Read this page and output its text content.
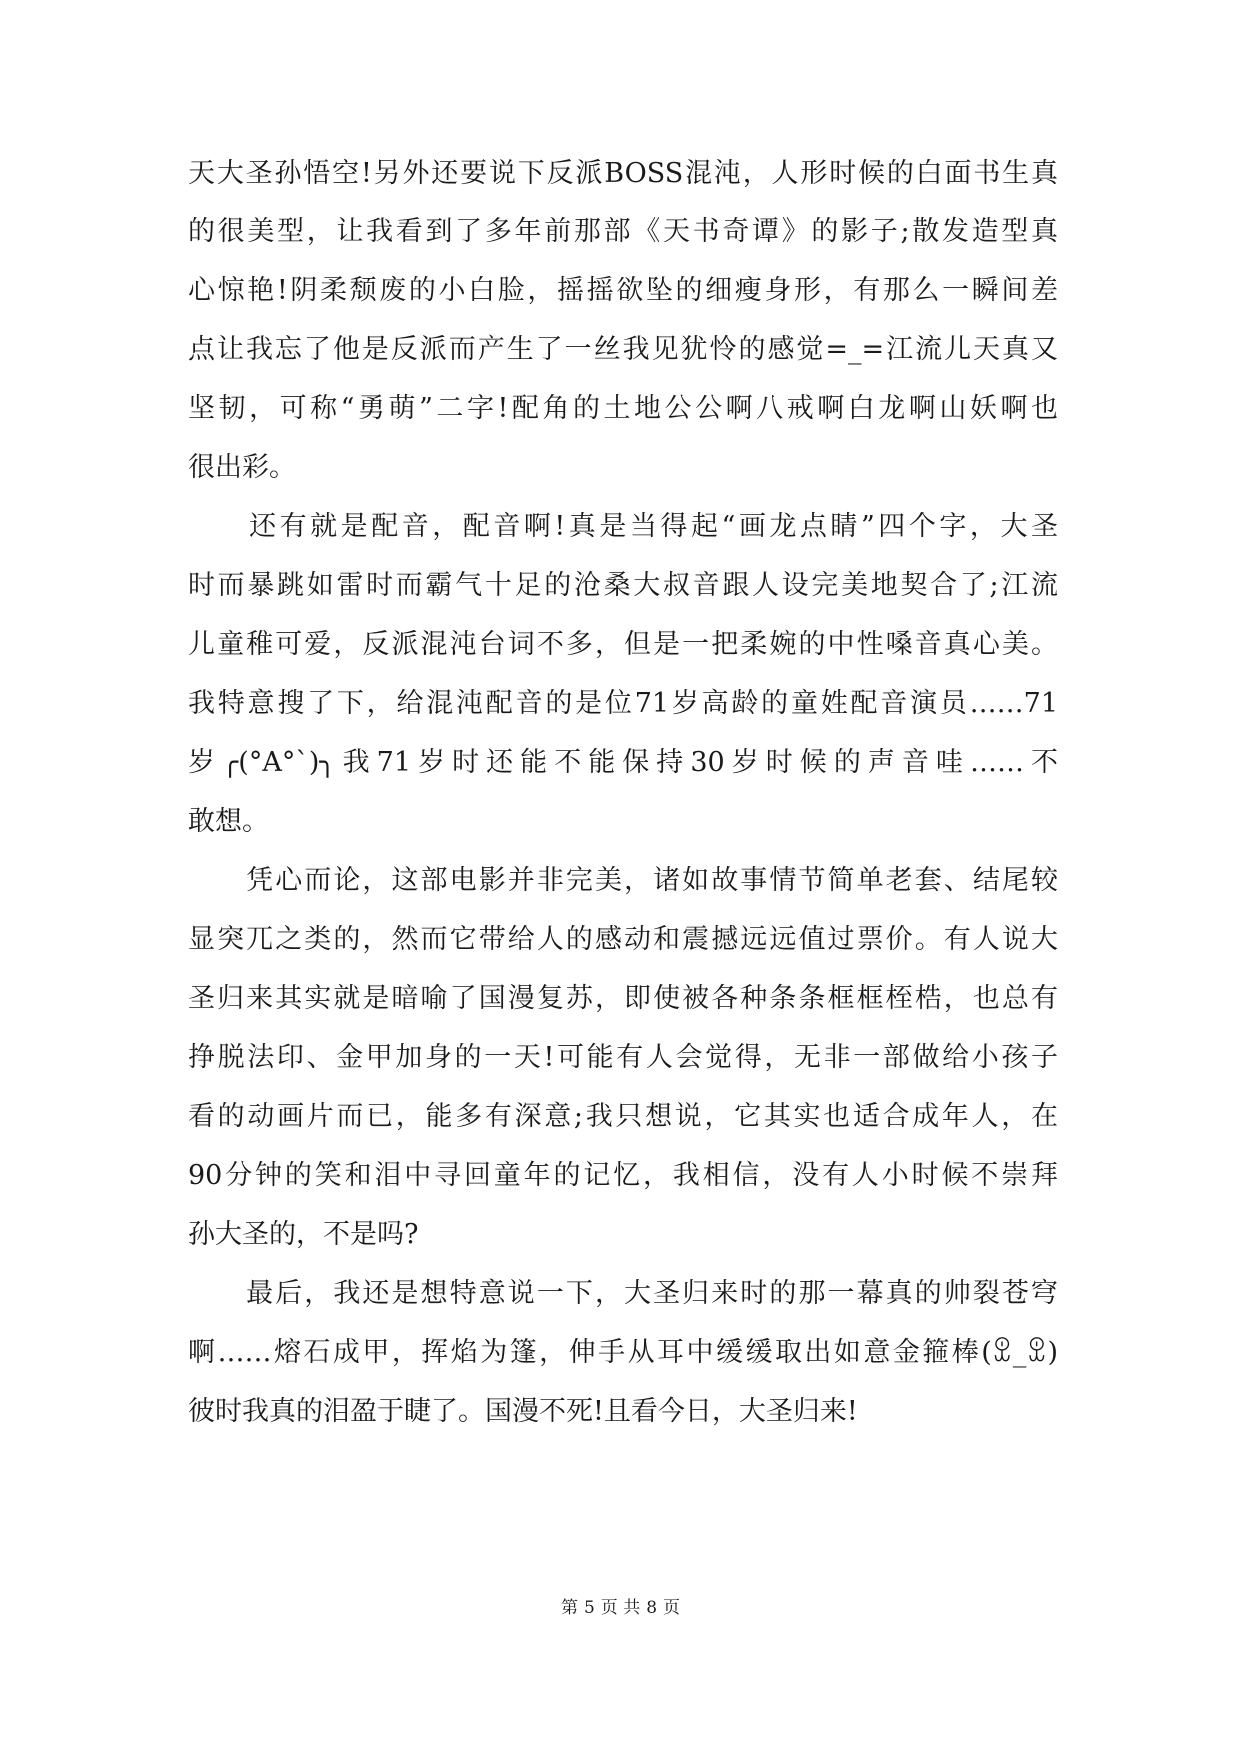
天大圣孙悟空!另外还要说下反派BOSS混沌，人形时候的白面书生真
的很美型，让我看到了多年前那部《天书奇谭》的影子;散发造型真
心惊艳!阴柔颓废的小白脸，摇摇欲坠的细瘦身形，有那么一瞬间差
点让我忘了他是反派而产生了一丝我见犹怜的感觉=_=江流儿天真又
坚韧，可称“勇萌”二字!配角的土地公公啊八戒啊白龙啊山妖啊也
很出彩。
　　还有就是配音，配音啊!真是当得起“画龙点睛”四个字，大圣
时而暴跳如雷时而霸气十足的沧桑大叔音跟人设完美地契合了;江流
儿童稚可爱，反派混沌台词不多，但是一把柔婉的中性嗓音真心美。
我特意搜了下，给混沌配音的是位71岁高龄的童姓配音演员……71
岁╭(°A°`)╮我71岁时还能不能保持30岁时候的声音哇……不
敢想。
　　凭心而论，这部电影并非完美，诸如故事情节简单老套、结尾较
显突兀之类的，然而它带给人的感动和震撼远远值过票价。有人说大
圣归来其实就是暗喻了国漫复苏，即使被各种条条框框桎梏，也总有
挣脱法印、金甲加身的一天!可能有人会觉得，无非一部做给小孩子
看的动画片而已，能多有深意;我只想说，它其实也适合成年人，在
90分钟的笑和泪中寻回童年的记忆，我相信，没有人小时候不崇拜
孙大圣的，不是吗?
　　最后，我还是想特意说一下，大圣归来时的那一幕真的帅裂苍穹
啊……熔石成甲，挥焰为篷，伸手从耳中缓缓取出如意金箍棒(ꀾ_ꀾ)
彼时我真的泪盈于睫了。国漫不死!且看今日，大圣归来!
第 5 页 共 8 页
